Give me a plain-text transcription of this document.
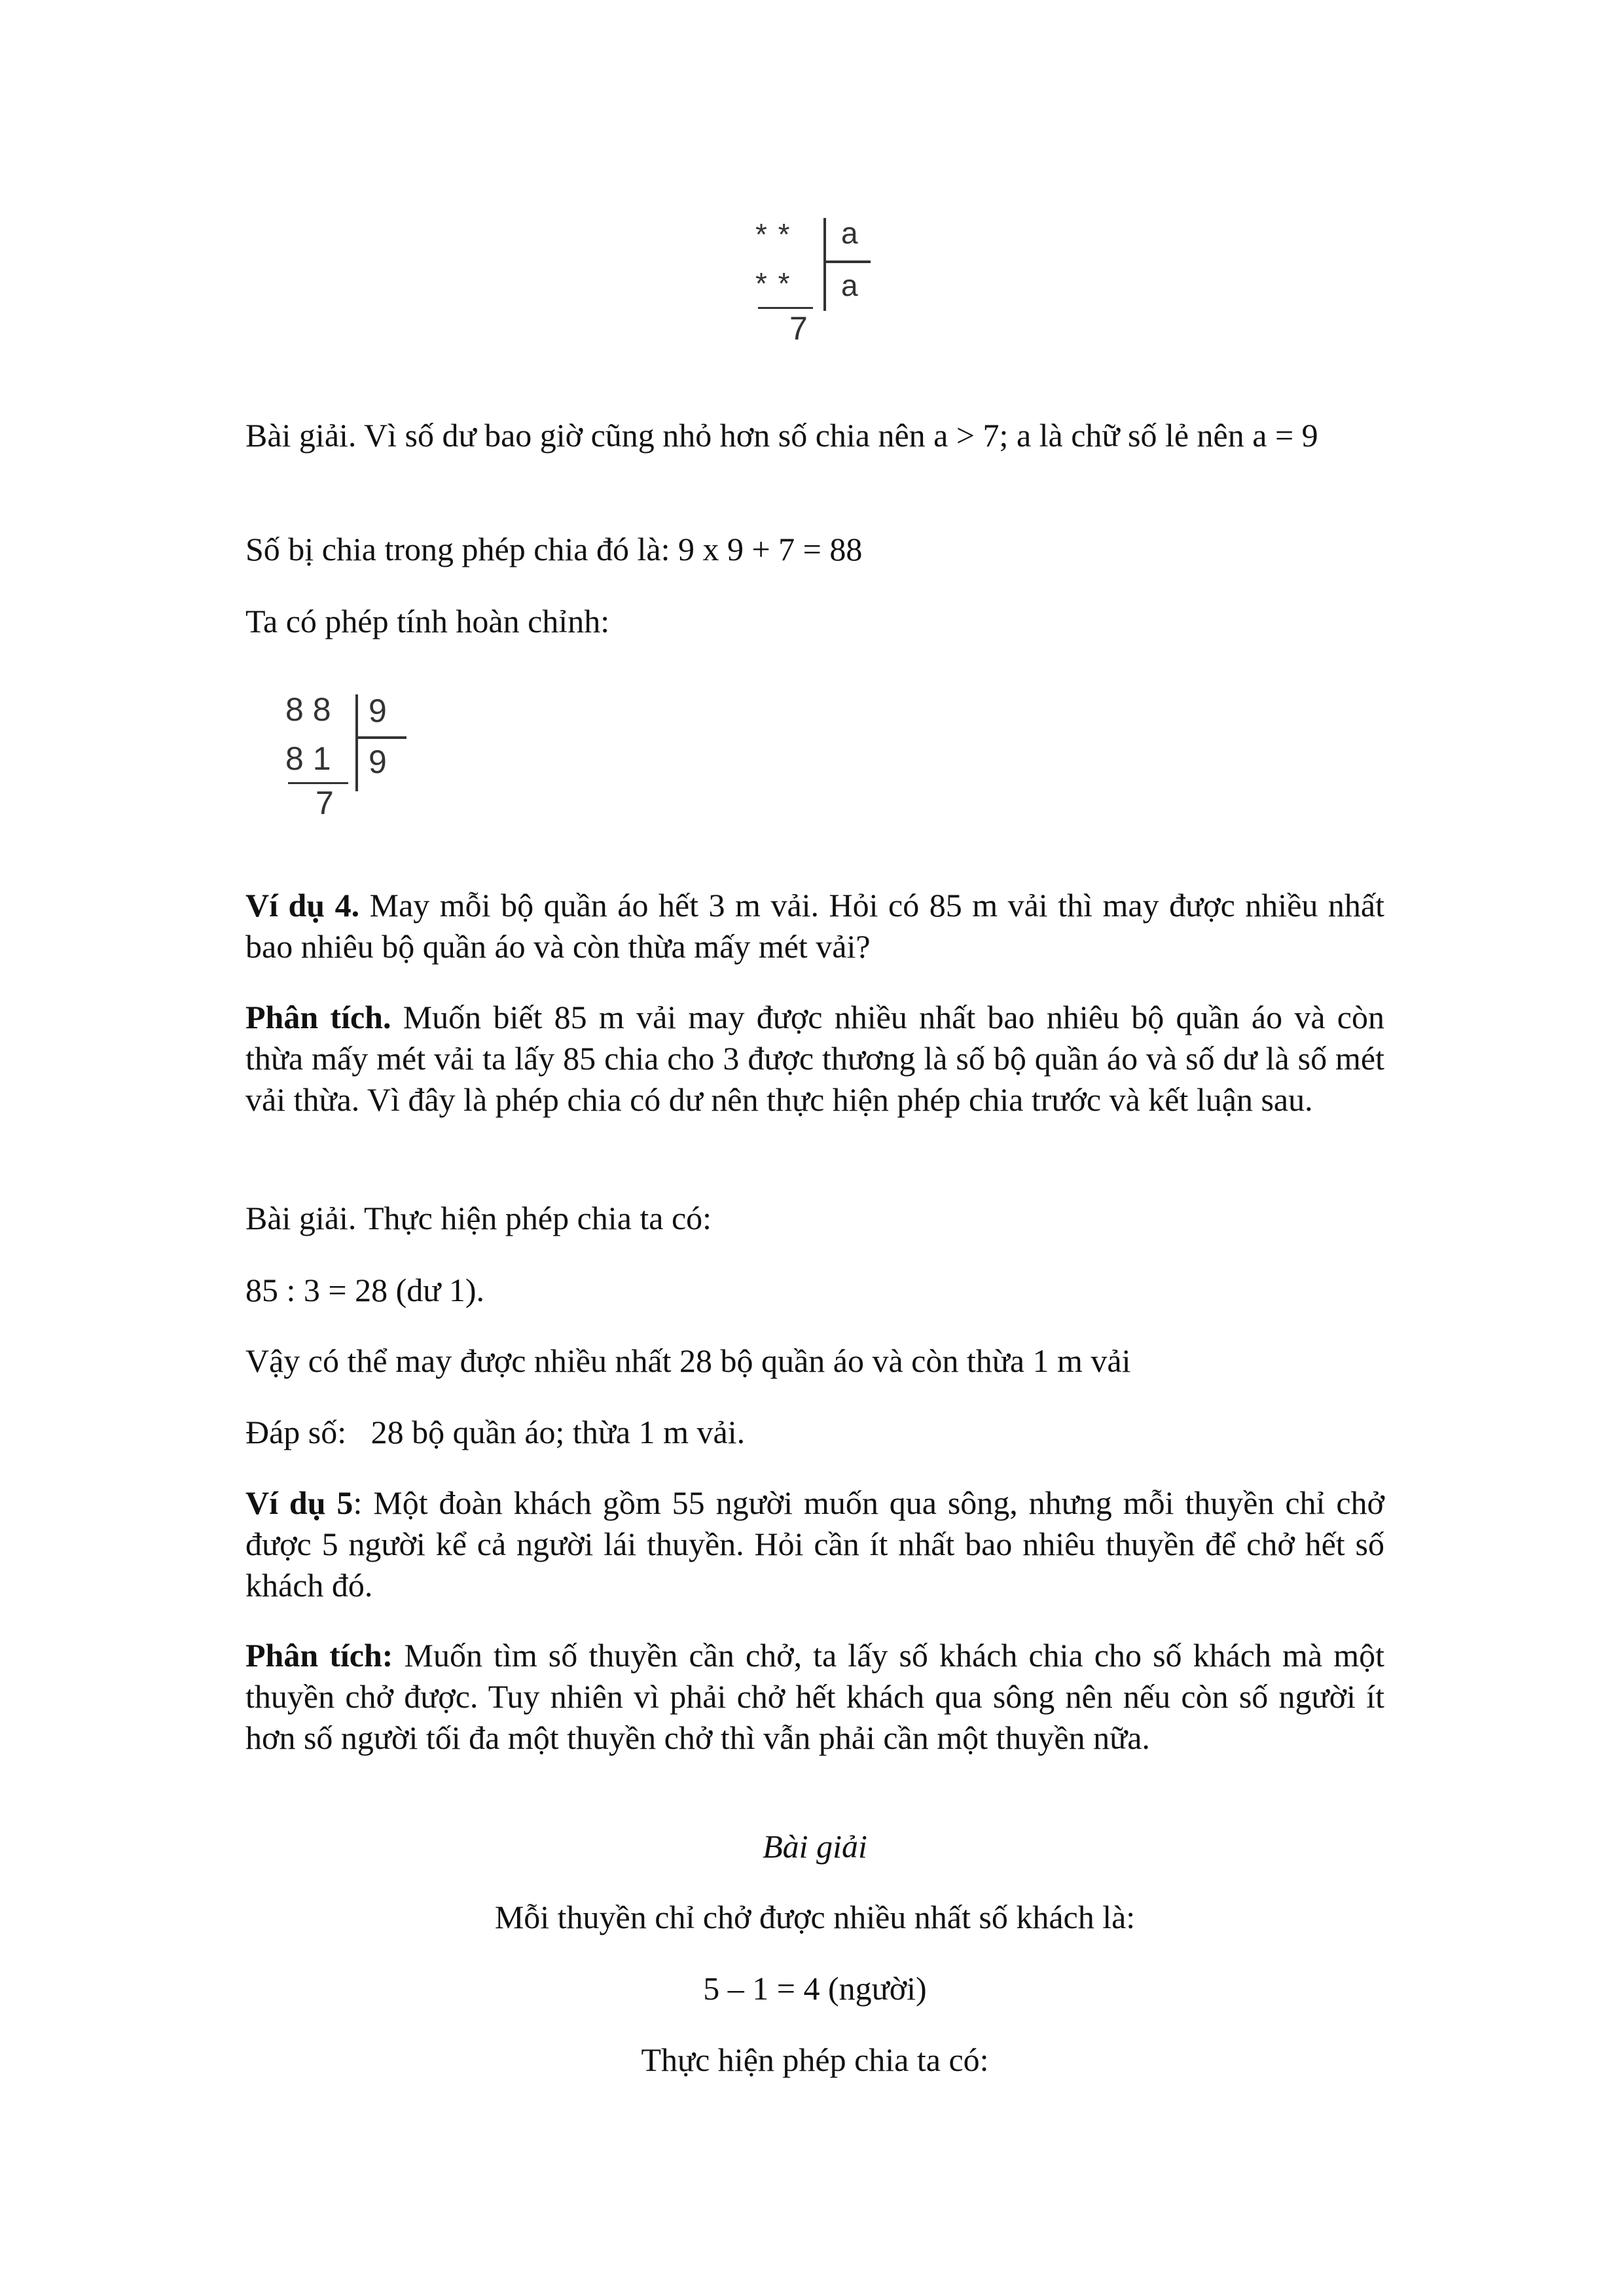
* *
* *
a
a
7

Bài giải. Vì số dư bao giờ cũng nhỏ hơn số chia nên a > 7; a là chữ số lẻ nên a = 9

Số bị chia trong phép chia đó là: 9 x 9 + 7 = 88

Ta có phép tính hoàn chỉnh:

8 8
8 1
9
9
7

Ví dụ 4. May mỗi bộ quần áo hết 3 m vải. Hỏi có 85 m vải thì may được nhiều nhất bao nhiêu bộ quần áo và còn thừa mấy mét vải?

Phân tích. Muốn biết 85 m vải may được nhiều nhất bao nhiêu bộ quần áo và còn thừa mấy mét vải ta lấy 85 chia cho 3 được thương là số bộ quần áo và số dư là số mét vải thừa. Vì đây là phép chia có dư nên thực hiện phép chia trước và kết luận sau.

Bài giải. Thực hiện phép chia ta có:

85 : 3 = 28 (dư 1).

Vậy có thể may được nhiều nhất 28 bộ quần áo và còn thừa 1 m vải

Đáp số:   28 bộ quần áo; thừa 1 m vải.

Ví dụ 5: Một đoàn khách gồm 55 người muốn qua sông, nhưng mỗi thuyền chỉ chở được 5 người kể cả người lái thuyền. Hỏi cần ít nhất bao nhiêu thuyền để chở hết số khách đó.

Phân tích: Muốn tìm số thuyền cần chở, ta lấy số khách chia cho số khách mà một thuyền chở được. Tuy nhiên vì phải chở hết khách qua sông nên nếu còn số người ít hơn số người tối đa một thuyền chở thì vẫn phải cần một thuyền nữa.

Bài giải

Mỗi thuyền chỉ chở được nhiều nhất số khách là:

5 – 1 = 4 (người)

Thực hiện phép chia ta có:
